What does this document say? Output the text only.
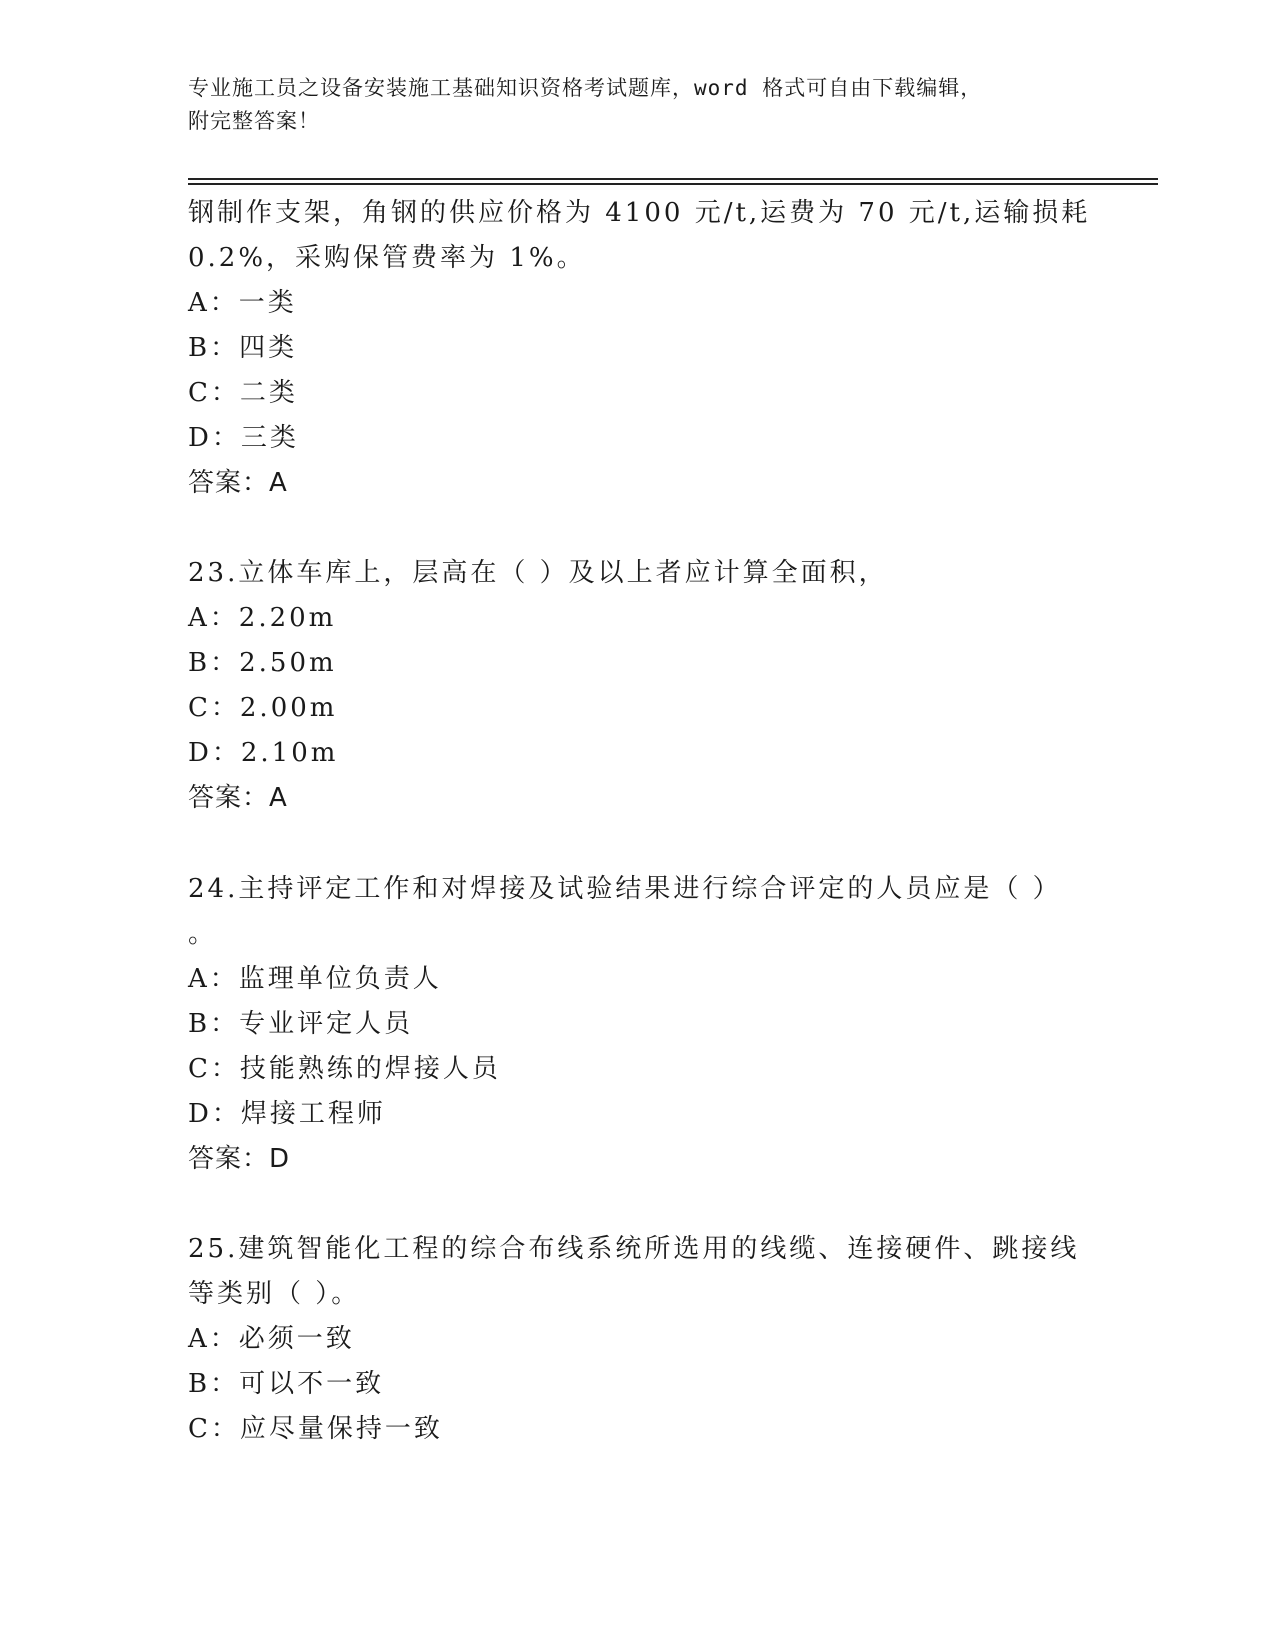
专业施工员之设备安装施工基础知识资格考试题库，word 格式可自由下载编辑，
附完整答案！
钢制作支架，角钢的供应价格为 4100 元/t,运费为 70 元/t,运输损耗
0.2%，采购保管费率为 1%。
A：一类
B：四类
C：二类
D：三类
答案：A
23.立体车库上，层高在（ ）及以上者应计算全面积，
A：2.20m
B：2.50m
C：2.00m
D：2.10m
答案：A
24.主持评定工作和对焊接及试验结果进行综合评定的人员应是（ ）
。
A：监理单位负责人
B：专业评定人员
C：技能熟练的焊接人员
D：焊接工程师
答案：D
25.建筑智能化工程的综合布线系统所选用的线缆、连接硬件、跳接线
等类别（ ）。
A：必须一致
B：可以不一致
C：应尽量保持一致
